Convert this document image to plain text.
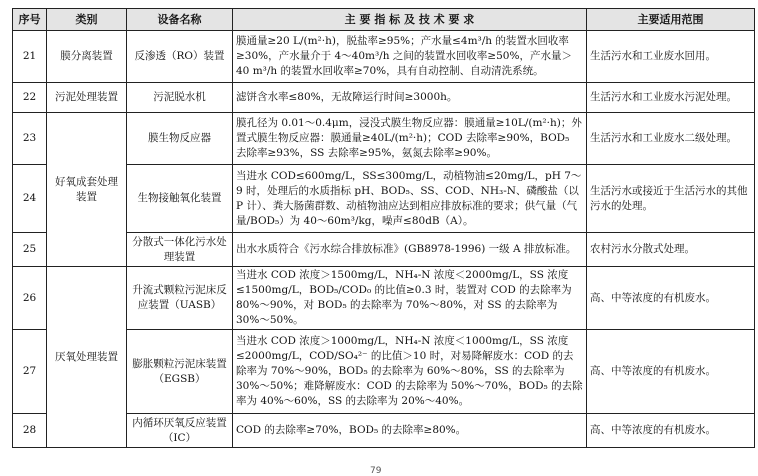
序号	类别	设备名称	主 要 指 标 及 技 术 要 求	主要适用范围
21	膜分离装置	反渗透（RO）装置	膜通量≥20 L/(m²·h)，脱盐率≥95%；产水量≤4m³/h 的装置水回收率≥30%，产水量介于 4～40m³/h 之间的装置水回收率≥50%，产水量＞40 m³/h 的装置水回收率≥70%，具有自动控制、自动清洗系统。	生活污水和工业废水回用。
22	污泥处理装置	污泥脱水机	滤饼含水率≤80%，无故障运行时间≥3000h。	生活污水和工业废水污泥处理。
23	好氧成套处理装置	膜生物反应器	膜孔径为 0.01～0.4μm，浸没式膜生物反应器：膜通量≥10L/(m²·h)；外置式膜生物反应器：膜通量≥40L/(m²·h)；COD 去除率≥90%，BOD₅ 去除率≥93%，SS 去除率≥95%，氨氮去除率≥90%。	生活污水和工业废水二级处理。
24		生物接触氧化装置	当进水 COD≤600mg/L，SS≤300mg/L，动植物油≤20mg/L，pH 7～9 时，处理后的水质指标 pH、BOD₅、SS、COD、NH₃-N、磷酸盐（以 P 计）、粪大肠菌群数、动植物油应达到相应排放标准的要求；供气量（气量/BOD₅）为 40～60m³/kg，噪声≤80dB（A）。	生活污水或接近于生活污水的其他污水的处理。
25		分散式一体化污水处理装置	出水水质符合《污水综合排放标准》(GB8978-1996) 一级 A 排放标准。	农村污水分散式处理。
26	厌氧处理装置	升流式颗粒污泥床反应装置（UASB）	当进水 COD 浓度＞1500mg/L，NH₄-N 浓度＜2000mg/L，SS 浓度≤1500mg/L，BOD₅/COD₀ 的比值≥0.3 时，装置对 COD 的去除率为 80%～90%，对 BOD₅ 的去除率为 70%～80%，对 SS 的去除率为 30%～50%。	高、中等浓度的有机废水。
27		膨胀颗粒污泥床装置（EGSB）	当进水 COD 浓度＞1000mg/L，NH₄-N 浓度＜1000mg/L，SS 浓度≤2000mg/L，COD/SO₄²⁻ 的比值＞10 时，对易降解废水：COD 的去除率为 70%～90%，BOD₅ 的去除率为 60%～80%，SS 的去除率为 30%～50%；难降解废水：COD 的去除率为 50%～70%，BOD₅ 的去除率为 40%～60%，SS 的去除率为 20%～40%。	高、中等浓度的有机废水。
28		内循环厌氧反应装置（IC）	COD 的去除率≥70%，BOD₅ 的去除率≥80%。	高、中等浓度的有机废水。
79
